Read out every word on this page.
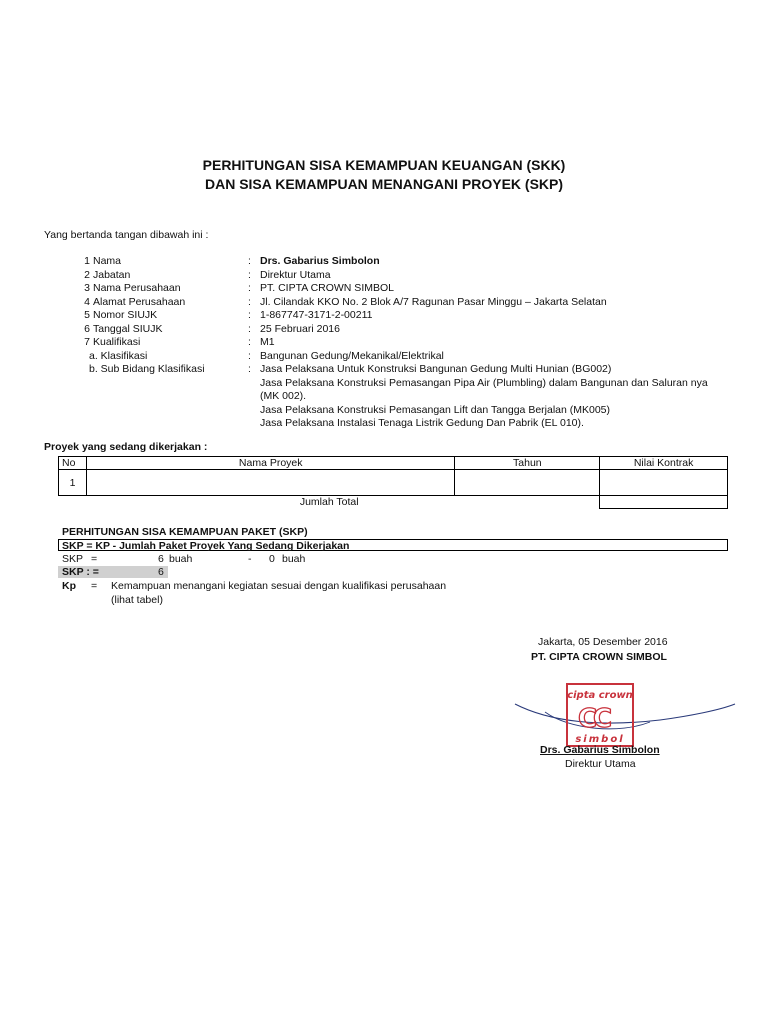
PERHITUNGAN SISA KEMAMPUAN KEUANGAN (SKK)
DAN SISA KEMAMPUAN MENANGANI PROYEK (SKP)
Yang bertanda tangan dibawah ini :
1 Nama	: Drs. Gabarius Simbolon
2 Jabatan	: Direktur Utama
3 Nama Perusahaan	: PT. CIPTA CROWN SIMBOL
4 Alamat Perusahaan	: Jl. Cilandak KKO No. 2 Blok A/7 Ragunan Pasar Minggu – Jakarta Selatan
5 Nomor SIUJK	: 1-867747-3171-2-00211
6 Tanggal SIUJK	: 25 Februari 2016
7 Kualifikasi	: M1
a. Klasifikasi	: Bangunan Gedung/Mekanikal/Elektrikal
b. Sub Bidang Klasifikasi	: Jasa Pelaksana Untuk Konstruksi Bangunan Gedung Multi Hunian (BG002)
Jasa Pelaksana Konstruksi Pemasangan Pipa Air (Plumbling) dalam Bangunan dan Saluran nya
(MK 002).
Jasa Pelaksana Konstruksi Pemasangan Lift dan Tangga Berjalan (MK005)
Jasa Pelaksana Instalasi Tenaga Listrik Gedung Dan Pabrik (EL 010).
Proyek yang sedang dikerjakan :
No	Nama Proyek	Tahun	Nilai Kontrak
1			
	Jumlah Total		
PERHITUNGAN SISA KEMAMPUAN PAKET (SKP)
SKP = KP - Jumlah Paket Proyek Yang Sedang Dikerjakan
SKP =	6 buah	- 0 buah
SKP : =	6
Kp = Kemampuan menangani kegiatan sesuai dengan kualifikasi perusahaan
(lihat tabel)
Jakarta, 05 Desember 2016
PT. CIPTA CROWN SIMBOL
cipta crown
C
C
simbol
Drs. Gabarius Simbolon
Direktur Utama
